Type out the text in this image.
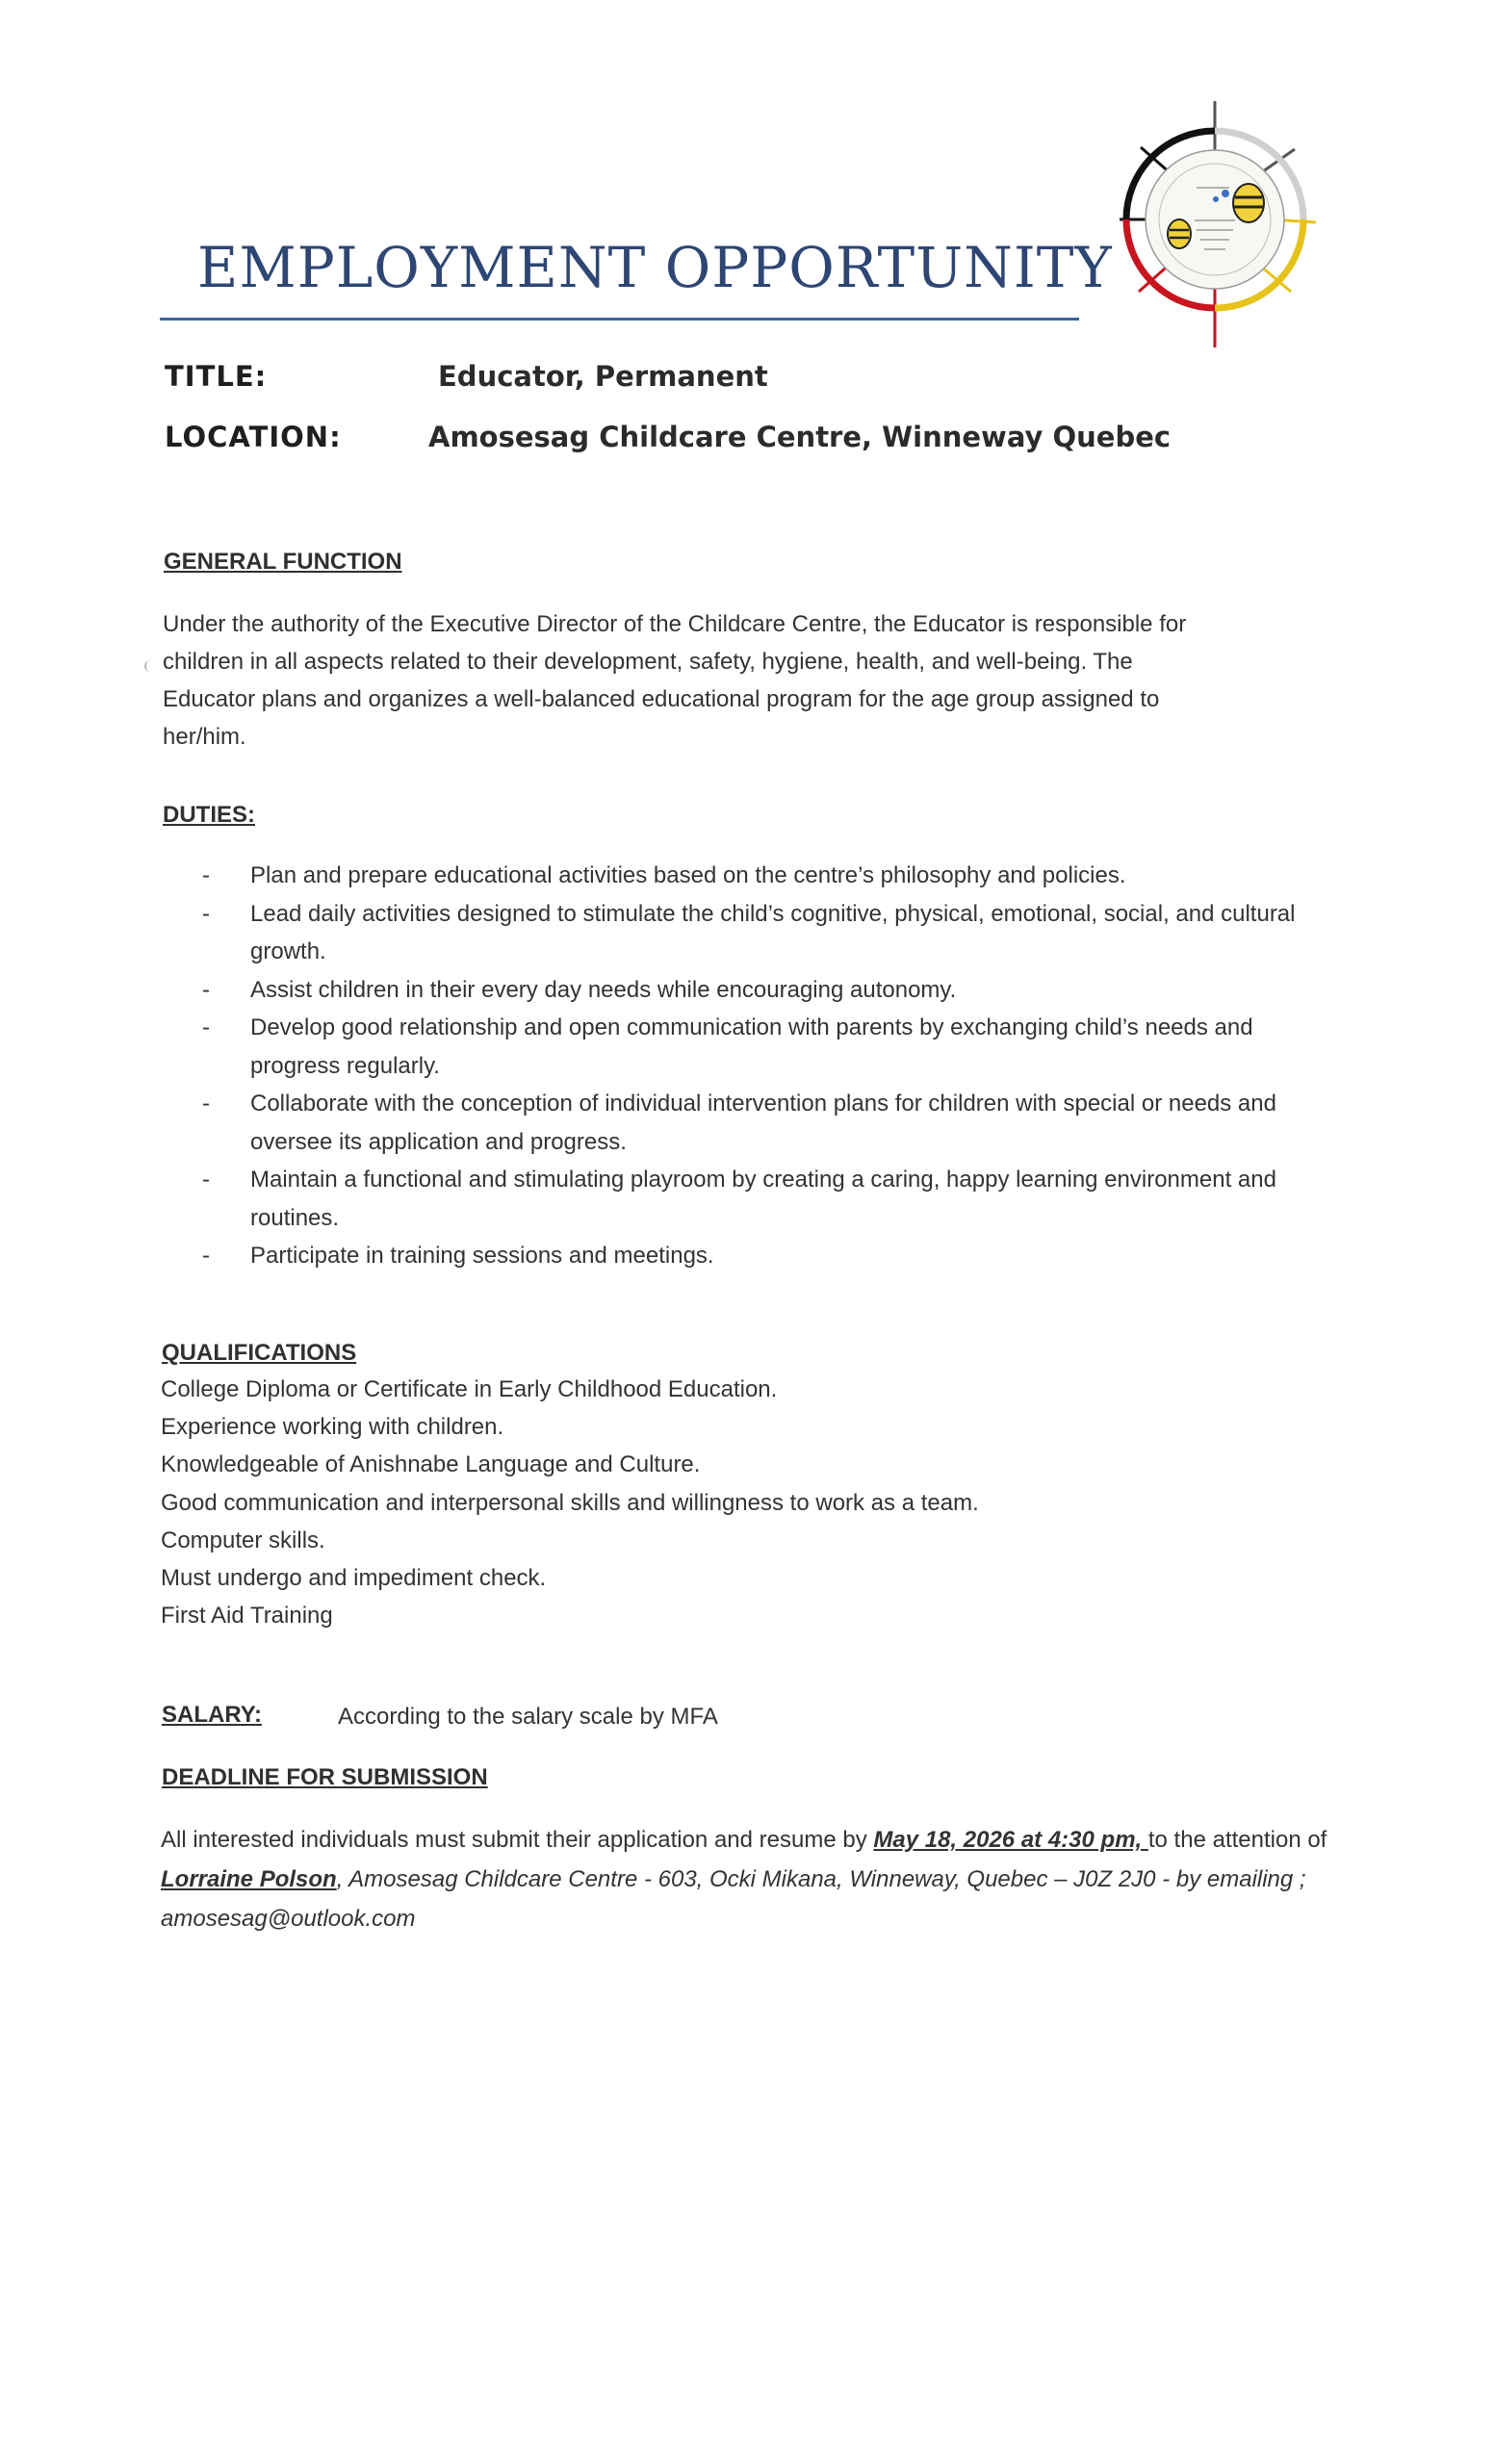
EMPLOYMENT OPPORTUNITY
TITLE:	Educator, Permanent
LOCATION:	Amosesag Childcare Centre, Winneway Quebec
GENERAL FUNCTION
Under the authority of the Executive Director of the Childcare Centre, the Educator is responsible for
children in all aspects related to their development, safety, hygiene, health, and well-being. The
Educator plans and organizes a well-balanced educational program for the age group assigned to
her/him.
DUTIES:
- Plan and prepare educational activities based on the centre’s philosophy and policies.
- Lead daily activities designed to stimulate the child’s cognitive, physical, emotional, social, and cultural growth.
- Assist children in their every day needs while encouraging autonomy.
- Develop good relationship and open communication with parents by exchanging child’s needs and progress regularly.
- Collaborate with the conception of individual intervention plans for children with special or needs and oversee its application and progress.
- Maintain a functional and stimulating playroom by creating a caring, happy learning environment and routines.
- Participate in training sessions and meetings.
QUALIFICATIONS
College Diploma or Certificate in Early Childhood Education.
Experience working with children.
Knowledgeable of Anishnabe Language and Culture.
Good communication and interpersonal skills and willingness to work as a team.
Computer skills.
Must undergo and impediment check.
First Aid Training
SALARY:	According to the salary scale by MFA
DEADLINE FOR SUBMISSION
All interested individuals must submit their application and resume by May 18, 2026 at 4:30 pm, to the attention of Lorraine Polson, Amosesag Childcare Centre - 603, Ocki Mikana, Winneway, Quebec – J0Z 2J0 - by emailing ; amosesag@outlook.com
